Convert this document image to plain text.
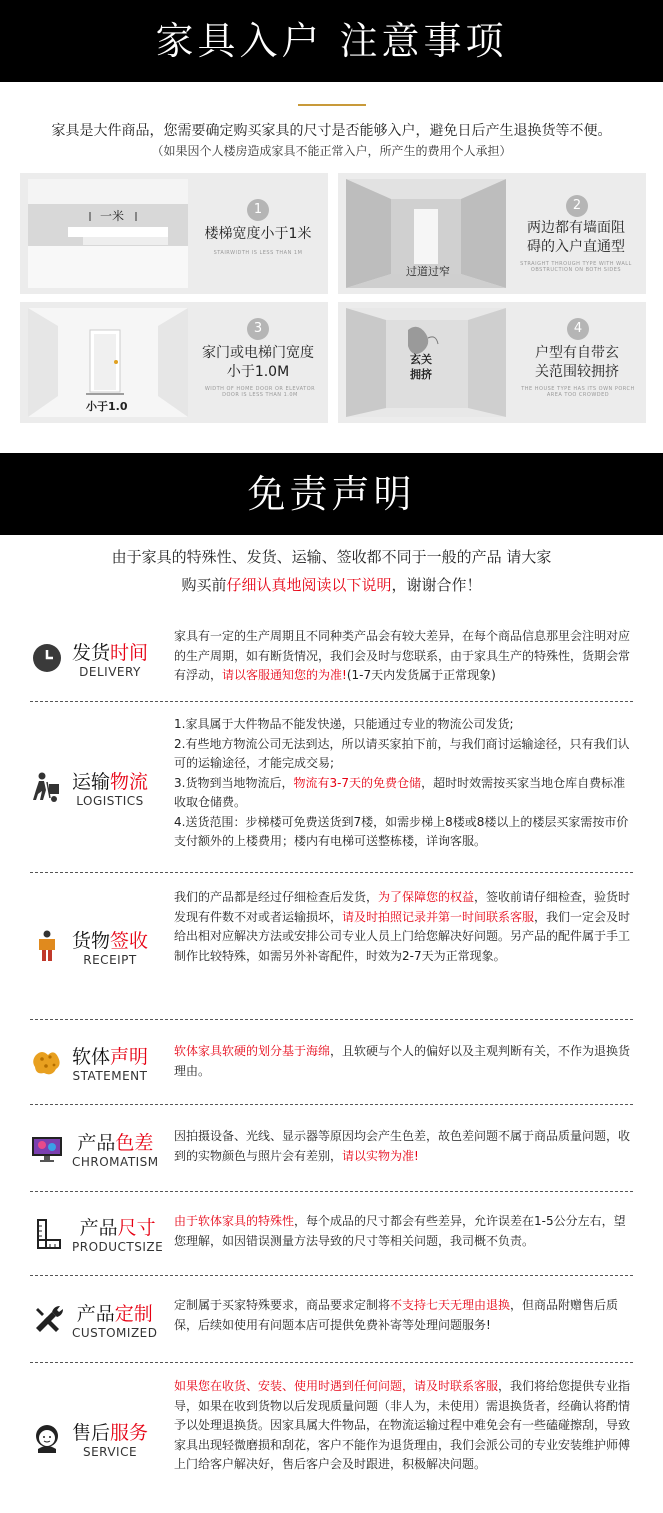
家具入户 注意事项
家具是大件商品，您需要确定购买家具的尺寸是否能够入户，避免日后产生退换货等不便。
（如果因个人楼房造成家具不能正常入户，所产生的费用个人承担）
一米	1
楼梯宽度小于1米
STAIRWIDTH IS LESS THAN 1M
过道过窄
2
两边都有墙面阻
碍的入户直通型
STRAIGHT THROUGH TYPE WITH WALL OBSTRUCTION ON BOTH SIDES
小于1.0
3
家门或电梯门宽度
小于1.0M
WIDTH OF HOME DOOR OR ELEVATOR DOOR IS LESS THAN 1.0M
玄关
拥挤
4
户型有自带玄
关范围较拥挤
THE HOUSE TYPE HAS ITS OWN PORCH AREA TOO CROWDED
免责声明
由于家具的特殊性、发货、运输、签收都不同于一般的产品 请大家
购买前仔细认真地阅读以下说明，谢谢合作！
发货时间
DELIVERY
家具有一定的生产周期且不同种类产品会有较大差异，在每个商品信息那里会注明对应的生产周期，如有断货情况，我们会及时与您联系，由于家具生产的特殊性，货期会常有浮动，请以客服通知您的为准!(1-7天内发货属于正常现象)
运输物流
LOGISTICS
1.家具属于大件物品不能发快递，只能通过专业的物流公司发货;
2.有些地方物流公司无法到达，所以请买家拍下前，与我们商讨运输途径，只有我们认可的运输途径，才能完成交易;
3.货物到当地物流后，物流有3-7天的免费仓储，超时时效需按买家当地仓库自费标准收取仓储费。
4.送货范围：步梯楼可免费送货到7楼，如需步梯上8楼或8楼以上的楼层买家需按市价支付额外的上楼费用；楼内有电梯可送整栋楼，详询客服。
货物签收
RECEIPT
我们的产品都是经过仔细检查后发货，为了保障您的权益，签收前请仔细检查，验货时发现有件数不对或者运输损坏，请及时拍照记录并第一时间联系客服，我们一定会及时给出相对应解决方法或安排公司专业人员上门给您解决好问题。另产品的配件属于手工制作比较特殊，如需另外补寄配件，时效为2-7天为正常现象。
软体声明
STATEMENT
软体家具软硬的划分基于海绵，且软硬与个人的偏好以及主观判断有关，不作为退换货理由。
产品色差
CHROMATISM
因拍摄设备、光线、显示器等原因均会产生色差，故色差问题不属于商品质量问题，收到的实物颜色与照片会有差别，请以实物为准!
产品尺寸
PRODUCTSIZE
由于软体家具的特殊性，每个成品的尺寸都会有些差异，允许误差在1-5公分左右，望您理解，如因错误测量方法导致的尺寸等相关问题，我司概不负责。
产品定制
CUSTOMIZED
定制属于买家特殊要求，商品要求定制将不支持七天无理由退换，但商品附赠售后质保，后续如使用有问题本店可提供免费补寄等处理问题服务!
售后服务
SERVICE
如果您在收货、安装、使用时遇到任何问题，请及时联系客服，我们将给您提供专业指导，如果在收到货物以后发现质量问题（非人为，未使用）需退换货者，经确认将酌情予以处理退换货。因家具属大件物品，在物流运输过程中难免会有一些磕碰擦刮，导致家具出现轻微磨损和刮花，客户不能作为退货理由，我们会派公司的专业安装维护师傅上门给客户解决好，售后客户会及时跟进，积极解决问题。
